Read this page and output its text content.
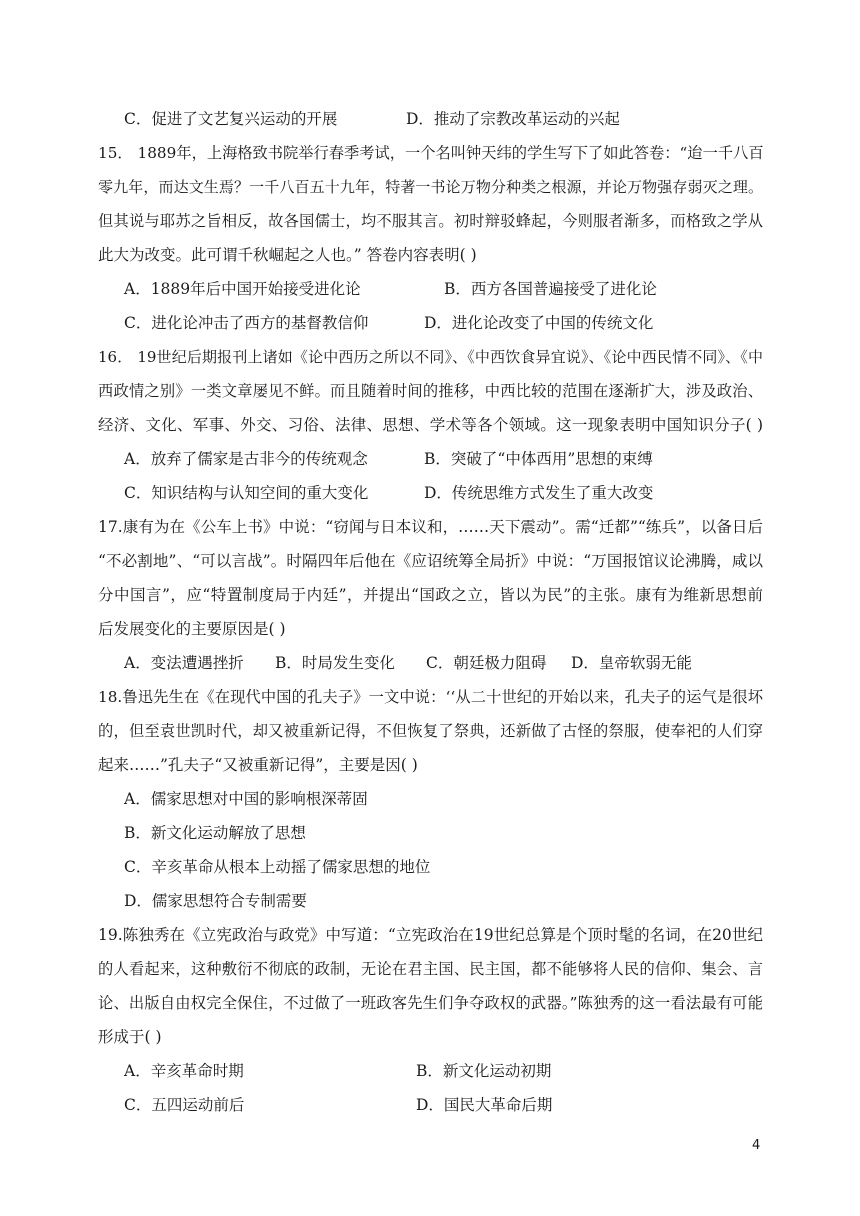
C．促进了文艺复兴运动的开展	D．推动了宗教改革运动的兴起
15． 1889年，上海格致书院举行春季考试，一个名叫钟天纬的学生写下了如此答卷：“迨一千八百
零九年，而达文生焉？一千八百五十九年，特著一书论万物分种类之根源，并论万物强存弱灭之理。
但其说与耶苏之旨相反，故各国儒士，均不服其言。初时辩驳蜂起，今则服者渐多，而格致之学从
此大为改变。此可谓千秋崛起之人也。” 答卷内容表明( )
A．1889年后中国开始接受进化论	B．西方各国普遍接受了进化论
C．进化论冲击了西方的基督教信仰	D．进化论改变了中国的传统文化
16． 19世纪后期报刊上诸如《论中西历之所以不同》、《中西饮食异宜说》、《论中西民情不同》、《中
西政情之别》一类文章屡见不鲜。而且随着时间的推移，中西比较的范围在逐渐扩大，涉及政治、
经济、文化、军事、外交、习俗、法律、思想、学术等各个领域。这一现象表明中国知识分子( )
A．放弃了儒家是古非今的传统观念	B．突破了“中体西用”思想的束缚
C．知识结构与认知空间的重大变化	D．传统思维方式发生了重大改变
17.康有为在《公车上书》中说：“窃闻与日本议和，……天下震动”。需“迁都”“练兵”，以备日后
“不必割地”、“可以言战”。时隔四年后他在《应诏统筹全局折》中说：“万国报馆议论沸腾，咸以
分中国言”，应“特置制度局于内廷”，并提出“国政之立，皆以为民”的主张。康有为维新思想前
后发展变化的主要原因是( )
A．变法遭遇挫折 B．时局发生变化 C．朝廷极力阻碍 D．皇帝软弱无能
18.鲁迅先生在《在现代中国的孔夫子》一文中说：‘‘从二十世纪的开始以来，孔夫子的运气是很坏
的，但至袁世凯时代，却又被重新记得，不但恢复了祭典，还新做了古怪的祭服，使奉祀的人们穿
起来……”孔夫子“又被重新记得”，主要是因( )
A．儒家思想对中国的影响根深蒂固
B．新文化运动解放了思想
C．辛亥革命从根本上动摇了儒家思想的地位
D．儒家思想符合专制需要
19.陈独秀在《立宪政治与政党》中写道：“立宪政治在19世纪总算是个顶时髦的名词，在20世纪
的人看起来，这种敷衍不彻底的政制，无论在君主国、民主国，都不能够将人民的信仰、集会、言
论、出版自由权完全保住，不过做了一班政客先生们争夺政权的武器。”陈独秀的这一看法最有可能
形成于( )
A．辛亥革命时期	B．新文化运动初期
C．五四运动前后	D．国民大革命后期
4
